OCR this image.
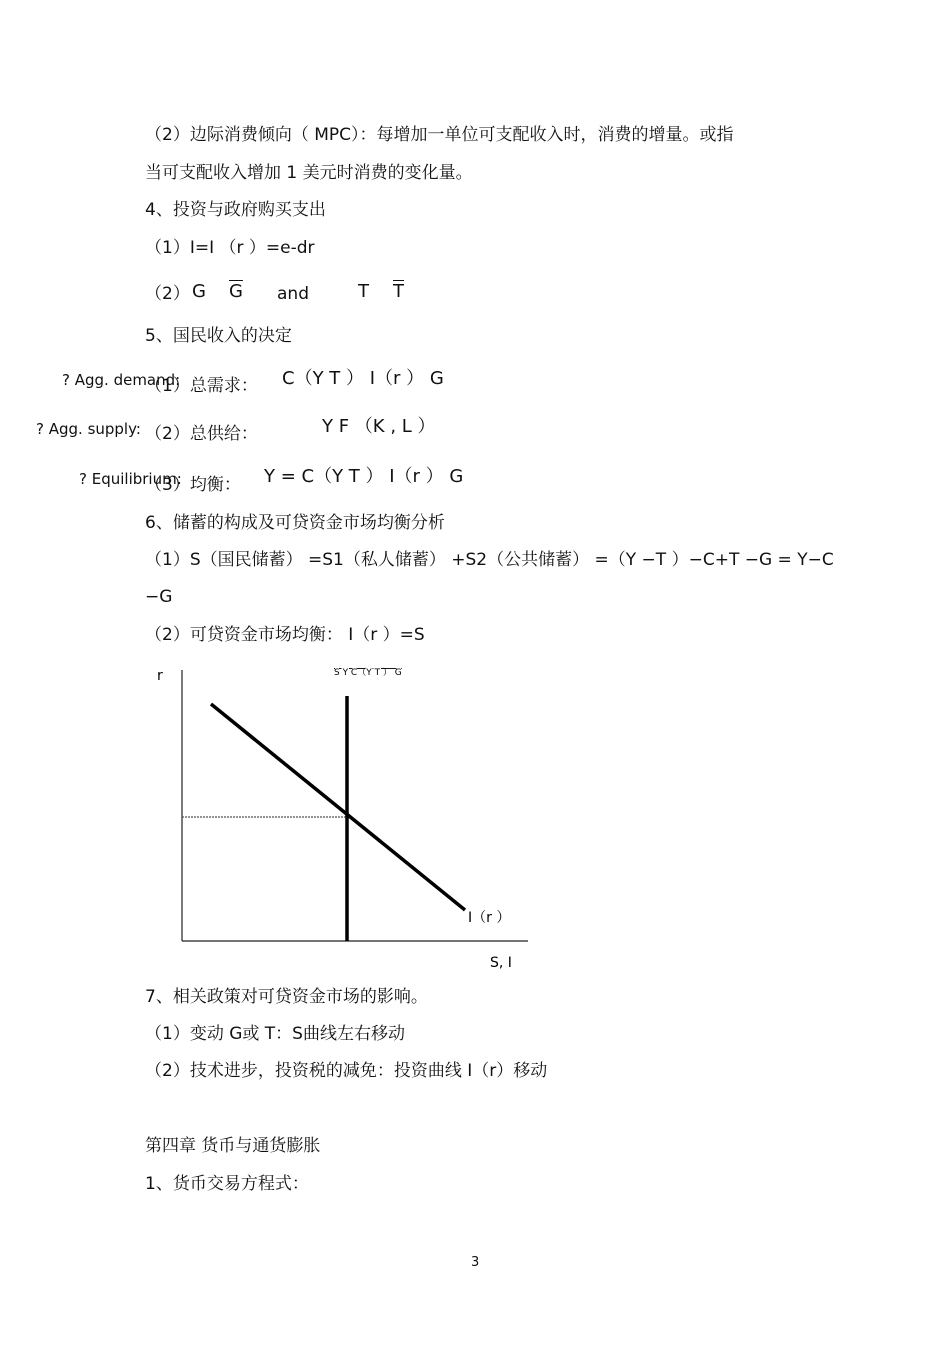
（2）边际消费倾向（ MPC）：每增加一单位可支配收入时，消费的增量。或指
当可支配收入增加 1 美元时消费的变化量。
4、投资与政府购买支出
（1）I=I （r ）=e-dr
（2） G $\overline{G}$ and	T $\overline{T}$
5、国民收入的决定
（1）总需求：
? Agg. demand:	C（Y T ） I（r ） G
（2）总供给：
? Agg. supply:	Y F （K , L ）
（3）均衡：
? Equilibrium:	Y = C（Y T ） I（r ） G
6、储蓄的构成及可贷资金市场均衡分析
（1）S（国民储蓄） =S1（私人储蓄） +S2（公共储蓄） =（Y −T ）−C+T −G = Y−C
−G
（2）可贷资金市场均衡： I（r ）=S
r
S, I
I（r ）
S Y C（Y T ） G
7、相关政策对可贷资金市场的影响。
（1）变动 G或 T：S曲线左右移动
（2）技术进步，投资税的减免：投资曲线 I（r）移动
第四章 货币与通货膨胀
1、货币交易方程式：
3
